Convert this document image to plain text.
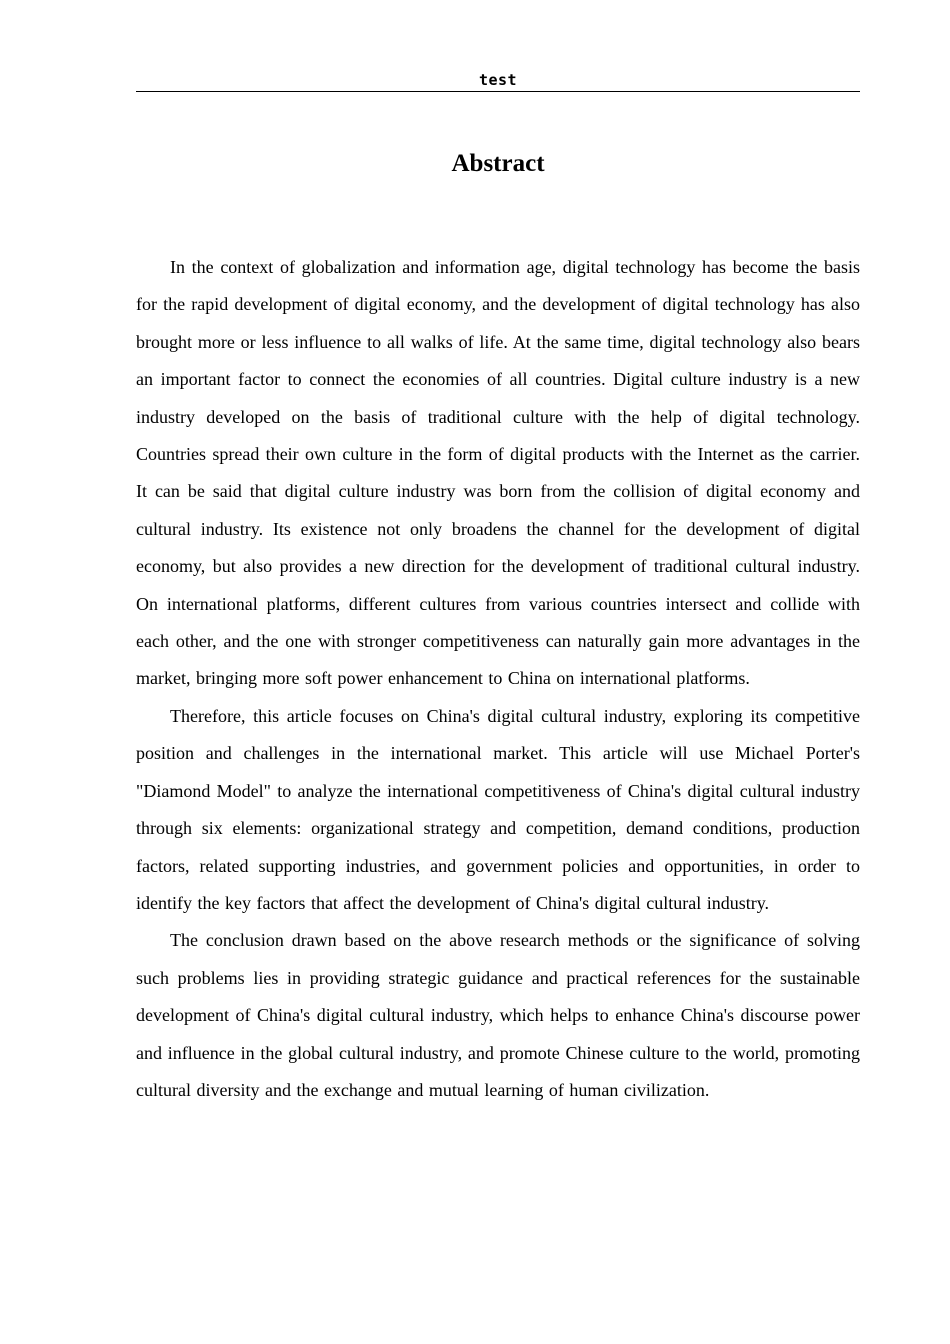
test
Abstract

In the context of globalization and information age, digital technology has become the basis for the rapid development of digital economy, and the development of digital technology has also brought more or less influence to all walks of life. At the same time, digital technology also bears an important factor to connect the economies of all countries. Digital culture industry is a new industry developed on the basis of traditional culture with the help of digital technology. Countries spread their own culture in the form of digital products with the Internet as the carrier. It can be said that digital culture industry was born from the collision of digital economy and cultural industry. Its existence not only broadens the channel for the development of digital economy, but also provides a new direction for the development of traditional cultural industry. On international platforms, different cultures from various countries intersect and collide with each other, and the one with stronger competitiveness can naturally gain more advantages in the market, bringing more soft power enhancement to China on international platforms.

Therefore, this article focuses on China's digital cultural industry, exploring its competitive position and challenges in the international market. This article will use Michael Porter's "Diamond Model" to analyze the international competitiveness of China's digital cultural industry through six elements: organizational strategy and competition, demand conditions, production factors, related supporting industries, and government policies and opportunities, in order to identify the key factors that affect the development of China's digital cultural industry.

The conclusion drawn based on the above research methods or the significance of solving such problems lies in providing strategic guidance and practical references for the sustainable development of China's digital cultural industry, which helps to enhance China's discourse power and influence in the global cultural industry, and promote Chinese culture to the world, promoting cultural diversity and the exchange and mutual learning of human civilization.
